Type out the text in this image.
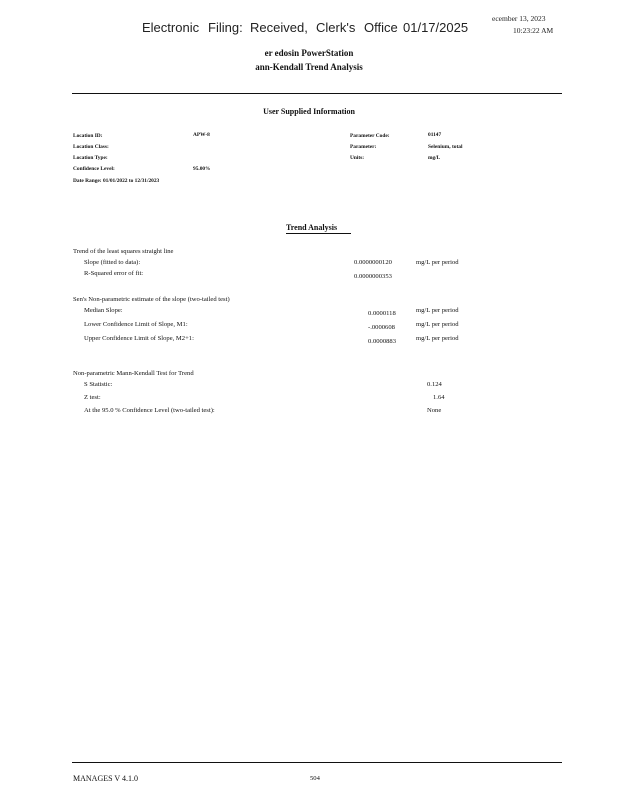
Electronic Filing: Received, Clerk's Office 01/17/2025
ecember 13, 2023
10:23:22 AM
er edosin PowerStation
ann-Kendall Trend Analysis
User Supplied Information
Location ID:	APW-8
Location Class:
Location Type:
Confidence Level:	95.00%
Date Range: 01/01/2022 to 12/31/2023
Parameter Code:	01147
Parameter:	Selenium, total
Units:	mg/L
Trend Analysis
Trend of the least squares straight line
Slope (fitted to data):	0.0000000120	mg/L per period
R-Squared error of fit:	0.0000000353
Sen's Non-parametric estimate of the slope (two-tailed test)
Median Slope:	0.0000118	mg/L per period
Lower Confidence Limit of Slope, M1:	-.0000608	mg/L per period
Upper Confidence Limit of Slope, M2+1:	0.0000883	mg/L per period
Non-parametric Mann-Kendall Test for Trend
S Statistic:	0.124
Z test:	1.64
At the 95.0 % Confidence Level (two-tailed test):	None
MANAGES V 4.1.0	504
